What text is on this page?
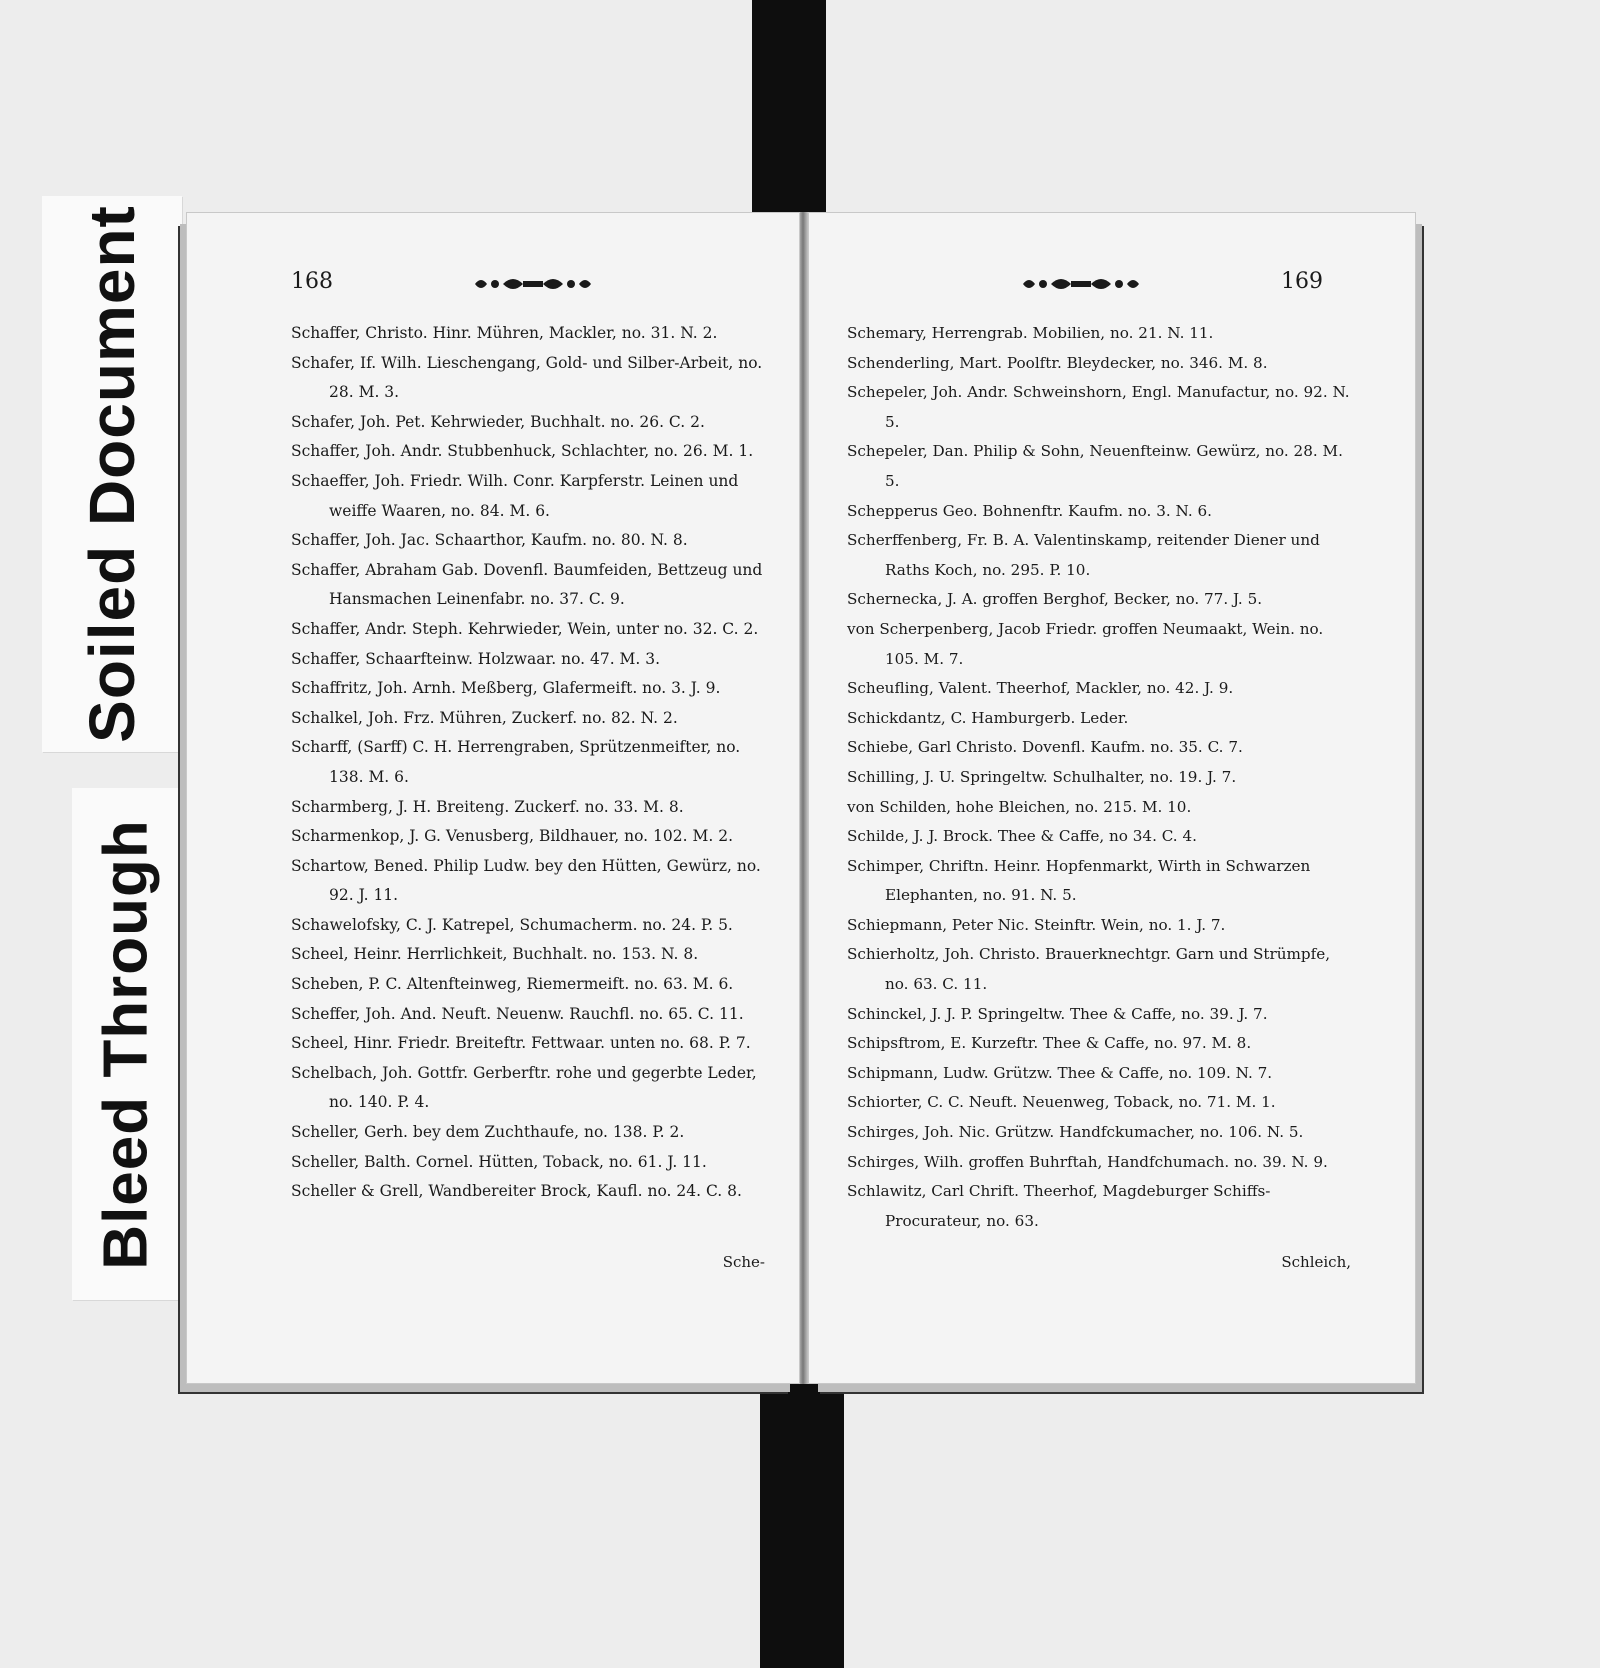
Soiled Document
Bleed Through
168
Schaffer, Christo. Hinr. Mühren, Mackler, no. 31. N. 2.
Schafer, If. Wilh. Lieschengang, Gold- und Silber-Arbeit, no. 28. M. 3.
Schafer, Joh. Pet. Kehrwieder, Buchhalt. no. 26. C. 2.
Schaffer, Joh. Andr. Stubbenhuck, Schlachter, no. 26. M. 1.
Schaeffer, Joh. Friedr. Wilh. Conr. Karpferstr. Leinen und weiffe Waaren, no. 84. M. 6.
Schaffer, Joh. Jac. Schaarthor, Kaufm. no. 80. N. 8.
Schaffer, Abraham Gab. Dovenfl. Baumfeiden, Bettzeug und Hansmachen Leinenfabr. no. 37. C. 9.
Schaffer, Andr. Steph. Kehrwieder, Wein, unter no. 32. C. 2.
Schaffer, Schaarfteinw. Holzwaar. no. 47. M. 3.
Schaffritz, Joh. Arnh. Meßberg, Glafermeift. no. 3. J. 9.
Schalkel, Joh. Frz. Mühren, Zuckerf. no. 82. N. 2.
Scharff, (Sarff) C. H. Herrengraben, Sprützenmeifter, no. 138. M. 6.
Scharmberg, J. H. Breiteng. Zuckerf. no. 33. M. 8.
Scharmenkop, J. G. Venusberg, Bildhauer, no. 102. M. 2.
Schartow, Bened. Philip Ludw. bey den Hütten, Gewürz, no. 92. J. 11.
Schawelofsky, C. J. Katrepel, Schumacherm. no. 24. P. 5.
Scheel, Heinr. Herrlichkeit, Buchhalt. no. 153. N. 8.
Scheben, P. C. Altenfteinweg, Riemermeift. no. 63. M. 6.
Scheffer, Joh. And. Neuft. Neuenw. Rauchfl. no. 65. C. 11.
Scheel, Hinr. Friedr. Breiteftr. Fettwaar. unten no. 68. P. 7.
Schelbach, Joh. Gottfr. Gerberftr. rohe und gegerbte Leder, no. 140. P. 4.
Scheller, Gerh. bey dem Zuchthaufe, no. 138. P. 2.
Scheller, Balth. Cornel. Hütten, Toback, no. 61. J. 11.
Scheller & Grell, Wandbereiter Brock, Kaufl. no. 24. C. 8.
Sche-
169
Schemary, Herrengrab. Mobilien, no. 21. N. 11.
Schenderling, Mart. Poolftr. Bleydecker, no. 346. M. 8.
Schepeler, Joh. Andr. Schweinshorn, Engl. Manufactur, no. 92. N. 5.
Schepeler, Dan. Philip & Sohn, Neuenfteinw. Gewürz, no. 28. M. 5.
Schepperus Geo. Bohnenftr. Kaufm. no. 3. N. 6.
Scherffenberg, Fr. B. A. Valentinskamp, reitender Diener und Raths Koch, no. 295. P. 10.
Schernecka, J. A. groffen Berghof, Becker, no. 77. J. 5.
von Scherpenberg, Jacob Friedr. groffen Neumaakt, Wein. no. 105. M. 7.
Scheufling, Valent. Theerhof, Mackler, no. 42. J. 9.
Schickdantz, C. Hamburgerb. Leder.
Schiebe, Garl Christo. Dovenfl. Kaufm. no. 35. C. 7.
Schilling, J. U. Springeltw. Schulhalter, no. 19. J. 7.
von Schilden, hohe Bleichen, no. 215. M. 10.
Schilde, J. J. Brock. Thee & Caffe, no 34. C. 4.
Schimper, Chriftn. Heinr. Hopfenmarkt, Wirth in Schwarzen Elephanten, no. 91. N. 5.
Schiepmann, Peter Nic. Steinftr. Wein, no. 1. J. 7.
Schierholtz, Joh. Christo. Brauerknechtgr. Garn und Strümpfe, no. 63. C. 11.
Schinckel, J. J. P. Springeltw. Thee & Caffe, no. 39. J. 7.
Schipsftrom, E. Kurzeftr. Thee & Caffe, no. 97. M. 8.
Schipmann, Ludw. Grützw. Thee & Caffe, no. 109. N. 7.
Schiorter, C. C. Neuft. Neuenweg, Toback, no. 71. M. 1.
Schirges, Joh. Nic. Grützw. Handfckumacher, no. 106. N. 5.
Schirges, Wilh. groffen Buhrftah, Handfchumach. no. 39. N. 9.
Schlawitz, Carl Chrift. Theerhof, Magdeburger Schiffs-Procurateur, no. 63.
Schleich,
